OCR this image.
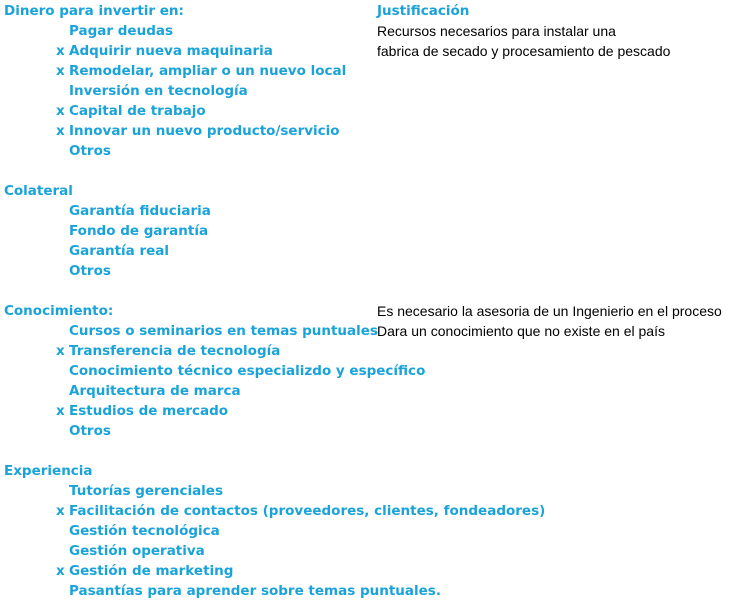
Dinero para invertir en:
Pagar deudas
x Adquirir nueva maquinaria
x Remodelar, ampliar o un nuevo local
Inversión en tecnología
x Capital de trabajo
x Innovar un nuevo producto/servicio
Otros
Justificación
Recursos necesarios para instalar una
fabrica de secado y procesamiento de pescado
Colateral
Garantía fiduciaria
Fondo de garantía
Garantía real
Otros
Conocimiento:
Cursos o seminarios en temas puntuales
x Transferencia de tecnología
Conocimiento técnico especializdo y específico
Arquitectura de marca
x Estudios de mercado
Otros
Es necesario la asesoria de un Ingenierio en el proceso
Dara un conocimiento que no existe en el país
Experiencia
Tutorías gerenciales
x Facilitación de contactos (proveedores, clientes, fondeadores)
Gestión tecnológica
Gestión operativa
x Gestión de marketing
Pasantías para aprender sobre temas puntuales.
